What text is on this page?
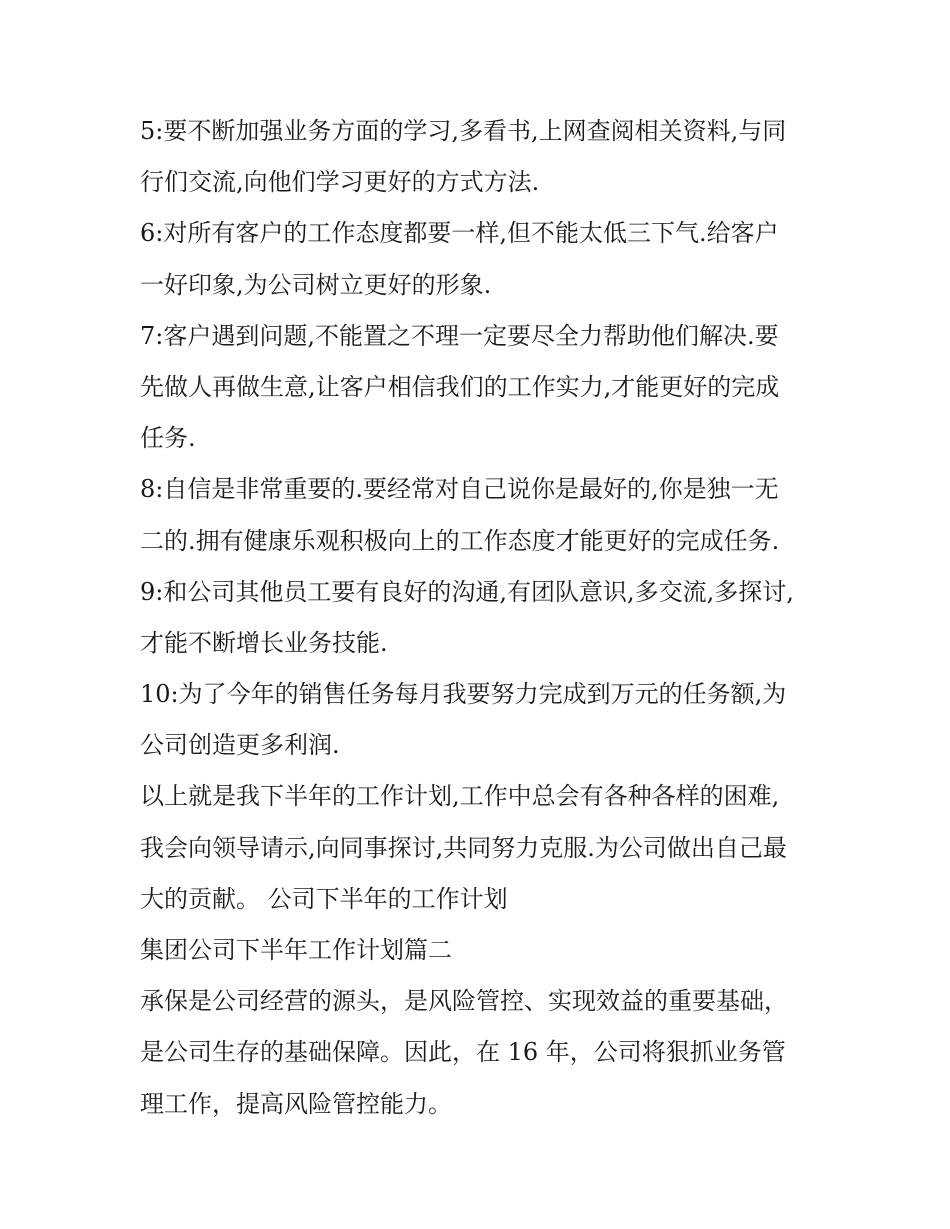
5:要不断加强业务方面的学习,多看书,上网查阅相关资料,与同
行们交流,向他们学习更好的方式方法.
6:对所有客户的工作态度都要一样,但不能太低三下气.给客户
一好印象,为公司树立更好的形象.
7:客户遇到问题,不能置之不理一定要尽全力帮助他们解决.要
先做人再做生意,让客户相信我们的工作实力,才能更好的完成
任务.
8:自信是非常重要的.要经常对自己说你是最好的,你是独一无
二的.拥有健康乐观积极向上的工作态度才能更好的完成任务.
9:和公司其他员工要有良好的沟通,有团队意识,多交流,多探讨,
才能不断增长业务技能.
10:为了今年的销售任务每月我要努力完成到万元的任务额,为
公司创造更多利润.
以上就是我下半年的工作计划,工作中总会有各种各样的困难,
我会向领导请示,向同事探讨,共同努力克服.为公司做出自己最
大的贡献。 公司下半年的工作计划
集团公司下半年工作计划篇二
承保是公司经营的源头，是风险管控、实现效益的重要基础，
是公司生存的基础保障。因此，在 16 年，公司将狠抓业务管
理工作，提高风险管控能力。
